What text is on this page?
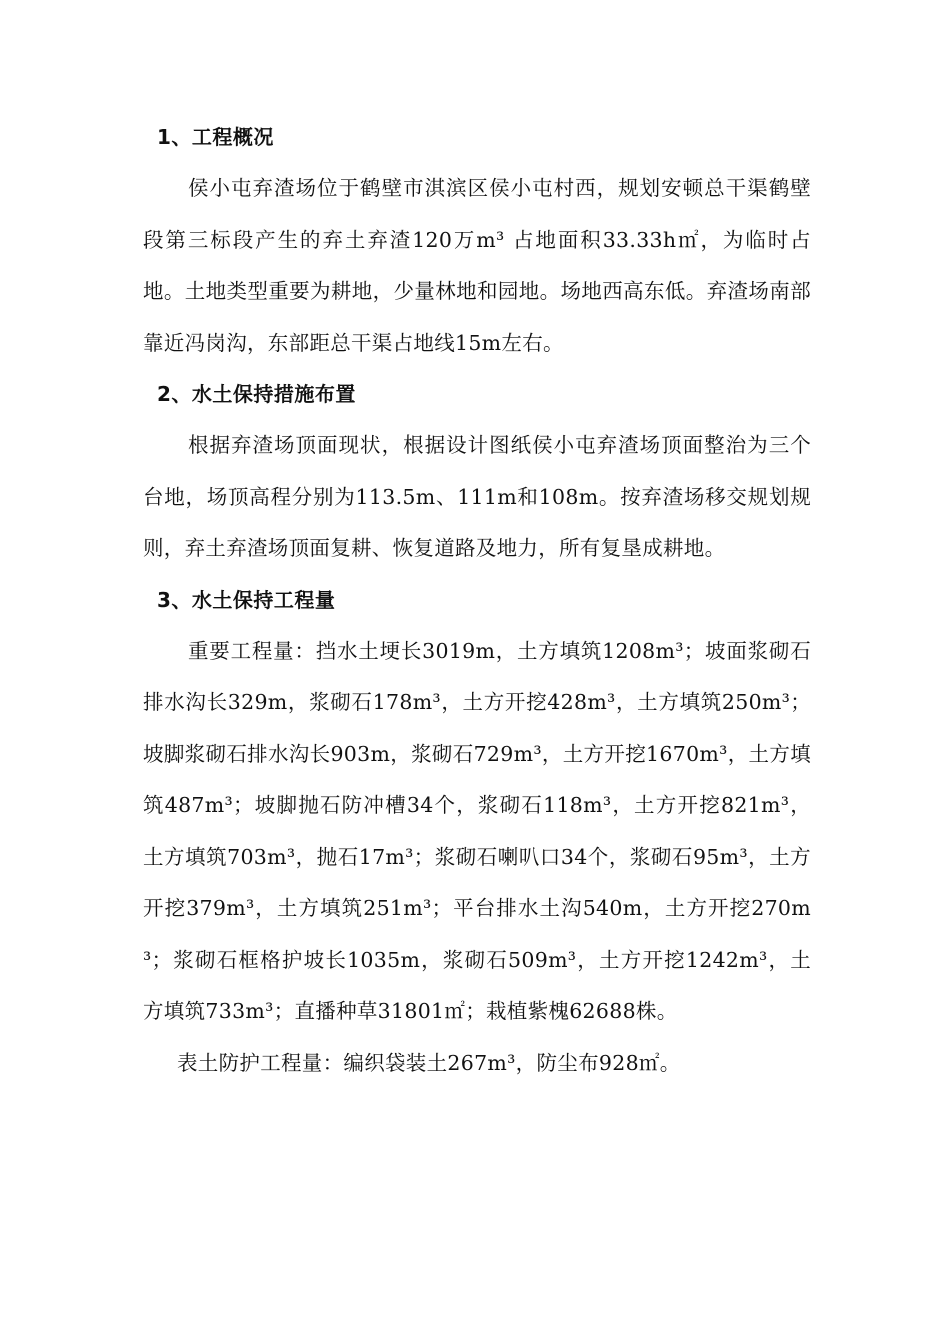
1、工程概况

侯小屯弃渣场位于鹤壁市淇滨区侯小屯村西，规划安顿总干渠鹤壁段第三标段产生的弃土弃渣120万m³ 占地面积33.33h㎡，为临时占地。土地类型重要为耕地，少量林地和园地。场地西高东低。弃渣场南部靠近冯岗沟，东部距总干渠占地线15m左右。

2、水土保持措施布置

根据弃渣场顶面现状，根据设计图纸侯小屯弃渣场顶面整治为三个台地，场顶高程分别为113.5m、111m和108m。按弃渣场移交规划规则，弃土弃渣场顶面复耕、恢复道路及地力，所有复垦成耕地。

3、水土保持工程量

重要工程量：挡水土埂长3019m，土方填筑1208m³；坡面浆砌石排水沟长329m，浆砌石178m³，土方开挖428m³，土方填筑250m³；坡脚浆砌石排水沟长903m，浆砌石729m³，土方开挖1670m³，土方填筑487m³；坡脚抛石防冲槽34个，浆砌石118m³，土方开挖821m³，土方填筑703m³，抛石17m³；浆砌石喇叭口34个，浆砌石95m³，土方开挖379m³，土方填筑251m³；平台排水土沟540m，土方开挖270m³；浆砌石框格护坡长1035m，浆砌石509m³，土方开挖1242m³，土方填筑733m³；直播种草31801㎡；栽植紫槐62688株。

表土防护工程量：编织袋装土267m³，防尘布928㎡。
